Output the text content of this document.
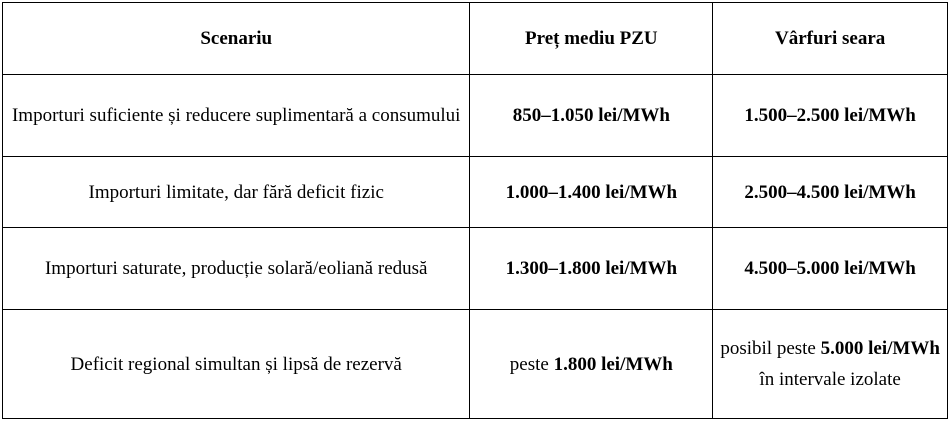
Scenariu	Preț mediu PZU	Vârfuri seara
Importuri suficiente și reducere suplimentară a consumului	850–1.050 lei/MWh	1.500–2.500 lei/MWh
Importuri limitate, dar fără deficit fizic	1.000–1.400 lei/MWh	2.500–4.500 lei/MWh
Importuri saturate, producție solară/eoliană redusă	1.300–1.800 lei/MWh	4.500–5.000 lei/MWh
Deficit regional simultan și lipsă de rezervă	peste 1.800 lei/MWh	posibil peste 5.000 lei/MWh în intervale izolate
